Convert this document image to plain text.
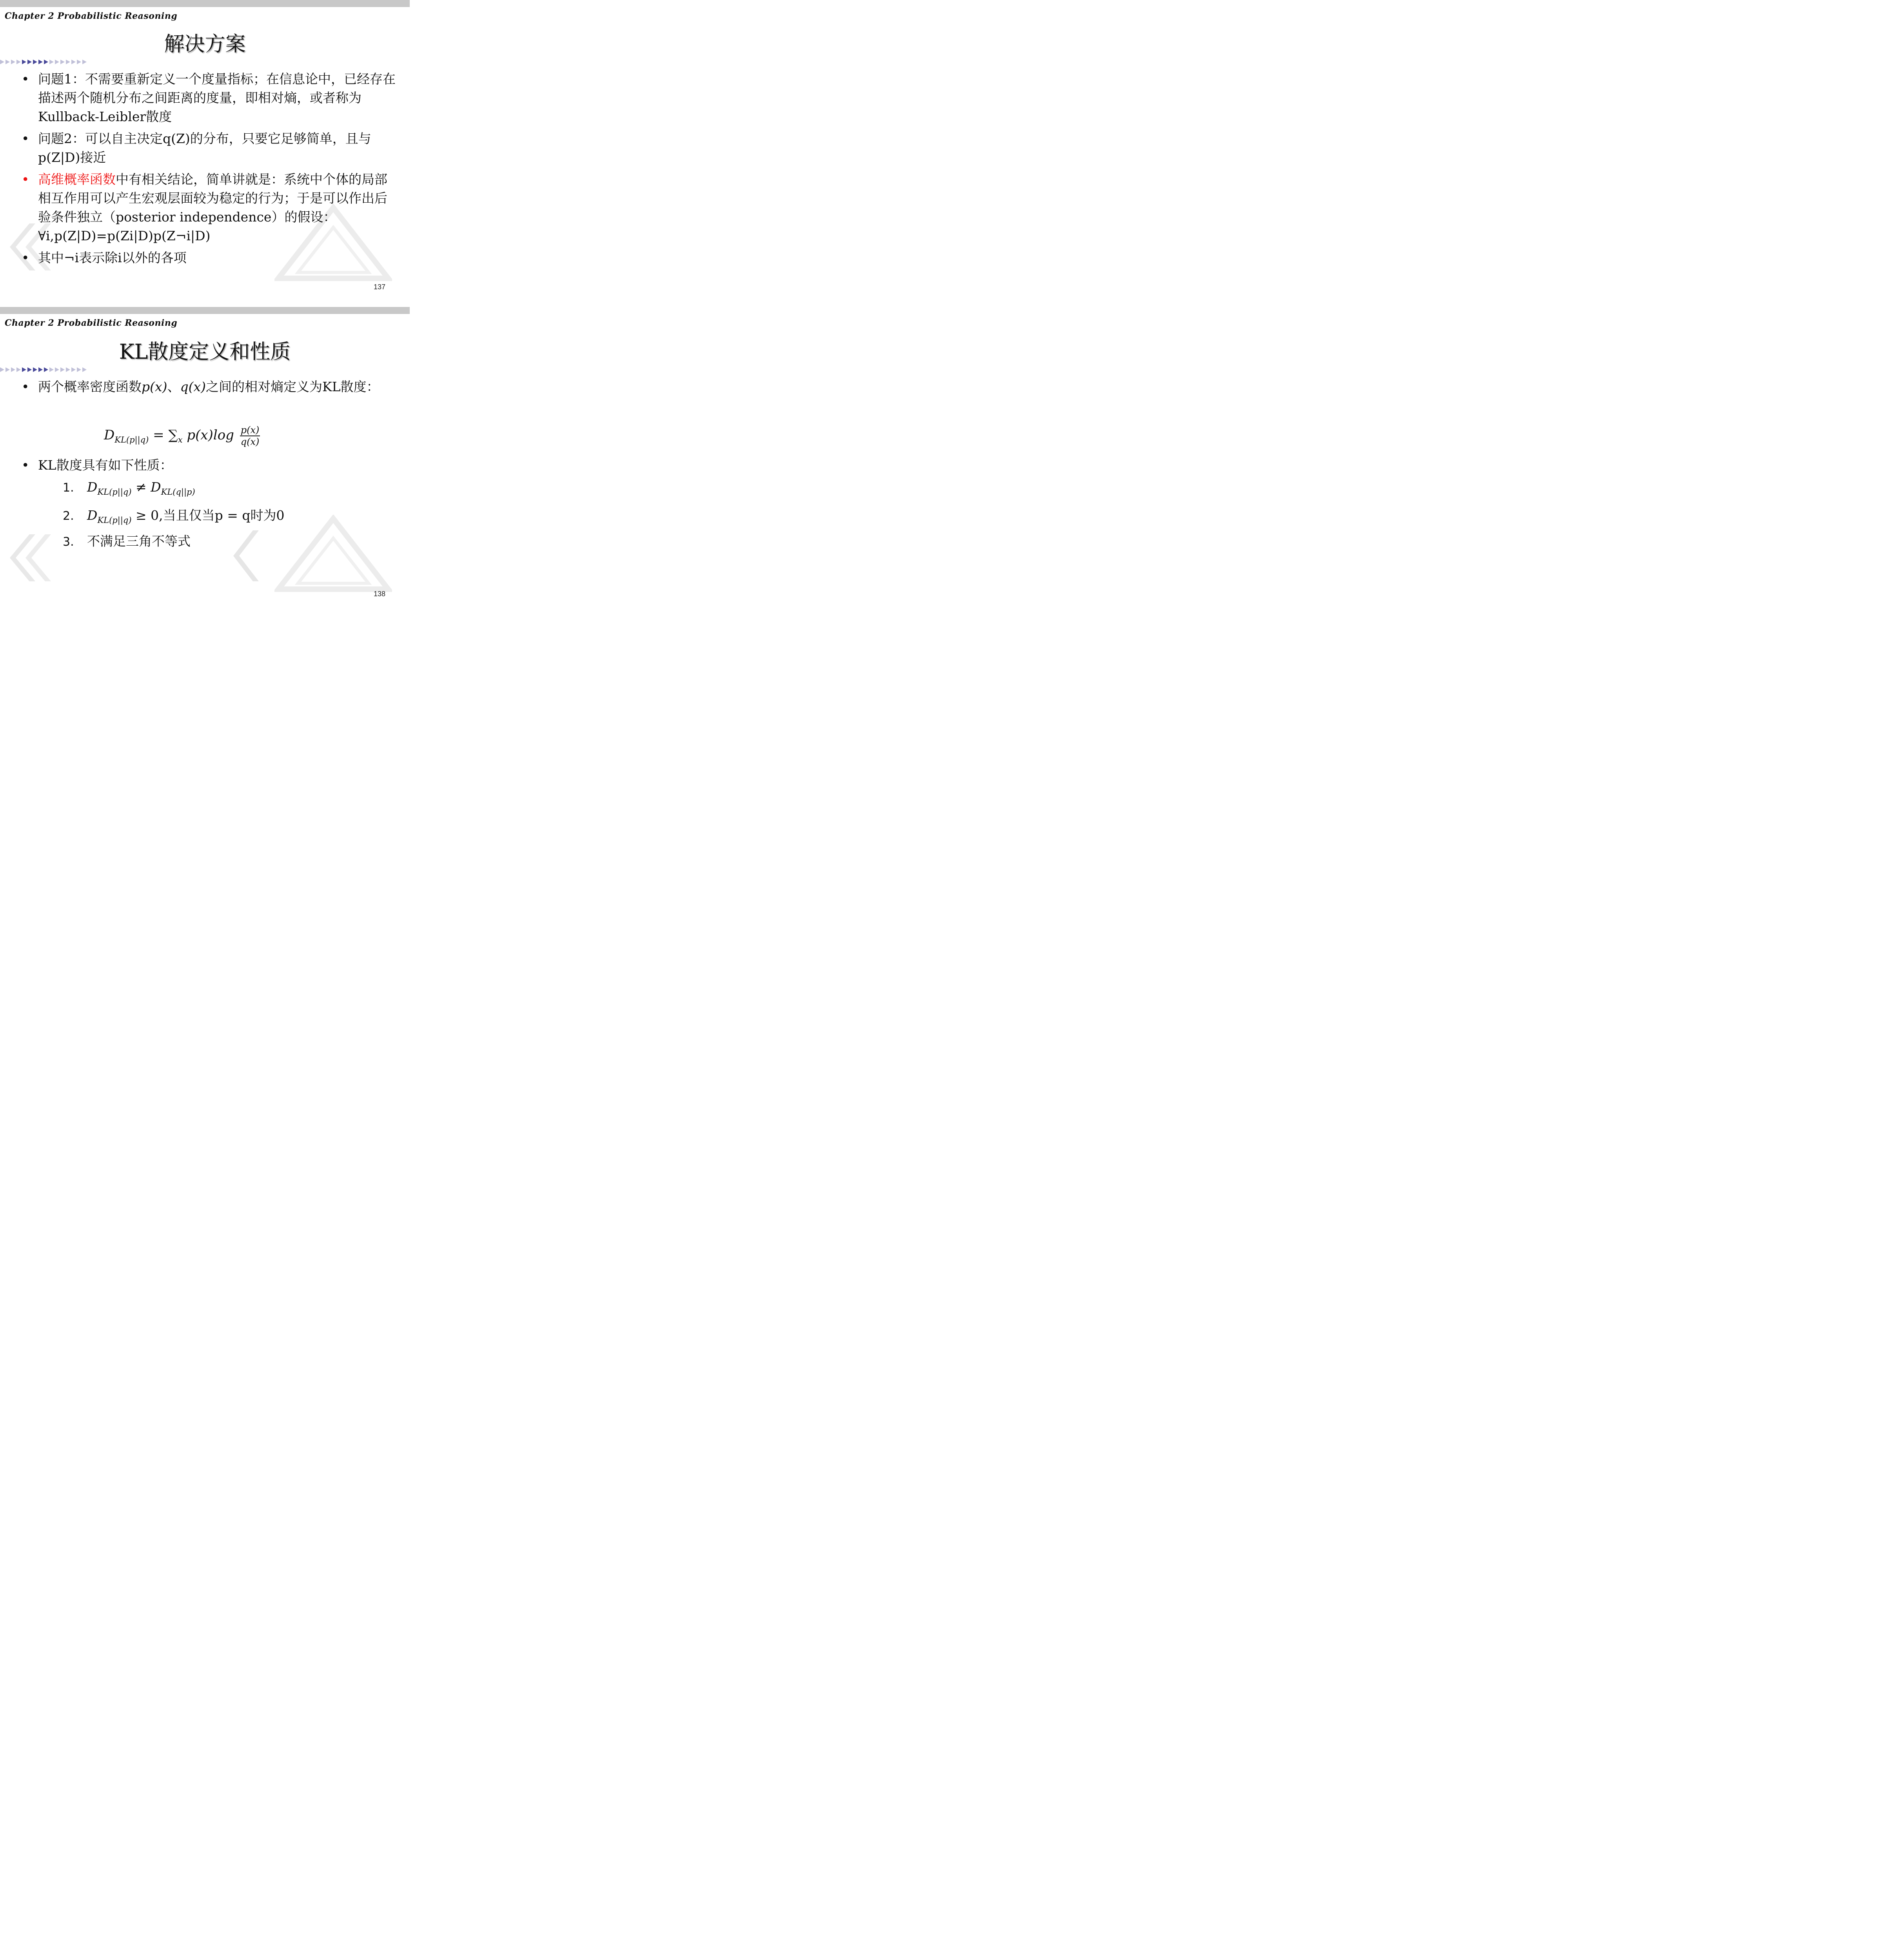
Chapter 2 Probabilistic Reasoning
解决方案
• 问题1：不需要重新定义一个度量指标；在信息论中，已经存在描述两个随机分布之间距离的度量，即相对熵，或者称为Kullback-Leibler散度
• 问题2：可以自主决定q(Z)的分布，只要它足够简单，且与p(Z|D)接近
• 高维概率函数中有相关结论，简单讲就是：系统中个体的局部相互作用可以产生宏观层面较为稳定的行为；于是可以作出后验条件独立（posterior independence）的假设：∀i,p(Z|D)=p(Zi|D)p(Z¬i|D)
• 其中¬i表示除i以外的各项
137
Chapter 2 Probabilistic Reasoning
KL散度定义和性质
• 两个概率密度函数p(x)、q(x)之间的相对熵定义为KL散度：
$D_{KL(p||q)} = \sum_x$ $p(x)\log \frac{p(x)}{q(x)}$
• KL散度具有如下性质：
1. $D_{KL(p||q)} \ne D_{KL(q||p)}$
2. $D_{KL(p||q)} \ge 0$,当且仅当p = q时为0
3. 不满足三角不等式
138
